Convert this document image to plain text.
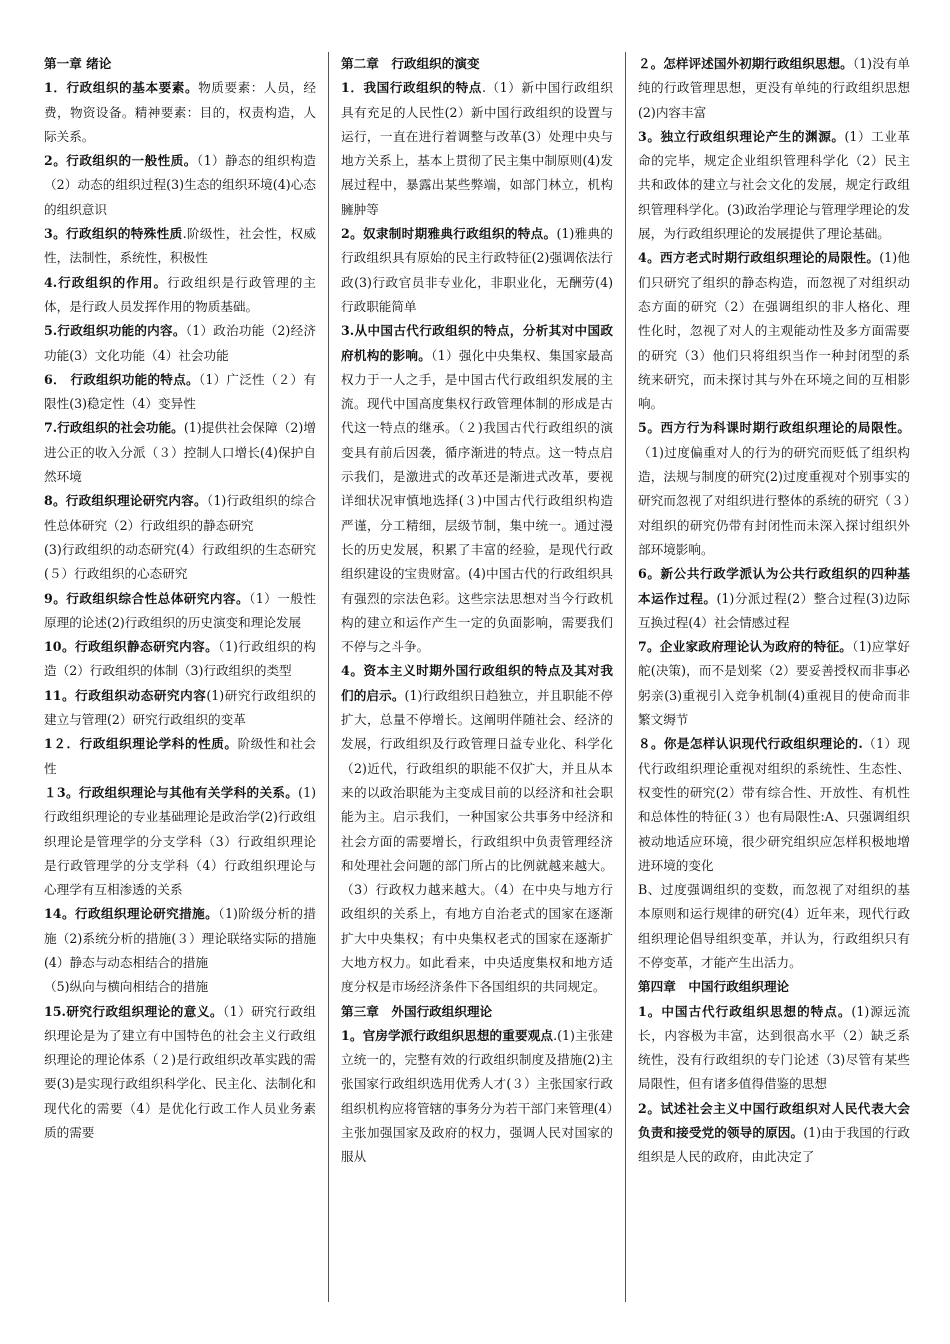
第一章 绪论
1．行政组织的基本要素。物质要素：人员，经费，物资设备。精神要素：目的，权责构造，人际关系。
2。行政组织的一般性质。（1）静态的组织构造（2）动态的组织过程(3)生态的组织环境(4)心态的组织意识
3。行政组织的特殊性质.阶级性，社会性，权威性，法制性，系统性，积极性
4.行政组织的作用。行政组织是行政管理的主体，是行政人员发挥作用的物质基础。
5.行政组织功能的内容。（1）政治功能（2)经济功能(3）文化功能（4）社会功能
6． 行政组织功能的特点。（1）广泛性（２）有限性(3)稳定性（4）变异性
7.行政组织的社会功能。(1)提供社会保障（2)增进公正的收入分派（３）控制人口增长(4)保护自然环境
8。行政组织理论研究内容。（1)行政组织的综合性总体研究（2）行政组织的静态研究
(3)行政组织的动态研究(4）行政组织的生态研究(５）行政组织的心态研究
9。行政组织综合性总体研究内容。（1）一般性原理的论述(2)行政组织的历史演变和理论发展
10。行政组织静态研究内容。（1)行政组织的构造（2）行政组织的体制（3)行政组织的类型
11。行政组织动态研究内容(1)研究行政组织的建立与管理(2）研究行政组织的变革
1２．行政组织理论学科的性质。阶级性和社会性
１3。行政组织理论与其他有关学科的关系。(1)行政组织理论的专业基础理论是政治学(2)行政组织理论是管理学的分支学科（3）行政组织理论是行政管理学的分支学科（4）行政组织理论与心理学有互相渗透的关系
14。行政组织理论研究措施。（1)阶级分析的措施（2)系统分析的措施(３）理论联络实际的措施(4）静态与动态相结合的措施
（5)纵向与横向相结合的措施
15.研究行政组织理论的意义。（1）研究行政组织理论是为了建立有中国特色的社会主义行政组织理论的理论体系（２)是行政组织改革实践的需要(3)是实现行政组织科学化、民主化、法制化和现代化的需要（4）是优化行政工作人员业务素质的需要
第二章　行政组织的演变
1．我国行政组织的特点.（1）新中国行政组织具有充足的人民性(2）新中国行政组织的设置与运行，一直在进行着调整与改革(3）处理中央与地方关系上，基本上贯彻了民主集中制原则(4)发展过程中，暴露出某些弊端，如部门林立，机构臃肿等
2。奴隶制时期雅典行政组织的特点。(1)雅典的行政组织具有原始的民主行政特征(2)强调依法行政(3)行政官员非专业化，非职业化，无酬劳(4)行政职能简单
3.从中国古代行政组织的特点，分析其对中国政府机构的影响。（1）强化中央集权、集国家最高权力于一人之手，是中国古代行政组织发展的主流。现代中国高度集权行政管理体制的形成是古代这一特点的继承。（２)我国古代行政组织的演变具有前后因袭，循序渐进的特点。这一特点启示我们，是激进式的改革还是渐进式改革，要视详细状况审慎地选择(３)中国古代行政组织构造严谨，分工精细，层级节制，集中统一。通过漫长的历史发展，积累了丰富的经验，是现代行政组织建设的宝贵财富。(4)中国古代的行政组织具有强烈的宗法色彩。这些宗法思想对当今行政机构的建立和运作产生一定的负面影响，需要我们不停与之斗争。
4。资本主义时期外国行政组织的特点及其对我们的启示。(1)行政组织日趋独立，并且职能不停扩大，总量不停增长。这阐明伴随社会、经济的发展，行政组织及行政管理日益专业化、科学化（2)近代，行政组织的职能不仅扩大，并且从本来的以政治职能为主变成目前的以经济和社会职能为主。启示我们，一种国家公共事务中经济和社会方面的需要增长，行政组织中负责管理经济和处理社会问题的部门所占的比例就越来越大。（3）行政权力越来越大。（4）在中央与地方行政组织的关系上，有地方自治老式的国家在逐渐扩大中央集权；有中央集权老式的国家在逐渐扩大地方权力。如此看来，中央适度集权和地方适度分权是市场经济条件下各国组织的共同规定。
第三章　外国行政组织理论
1。官房学派行政组织思想的重要观点.(1)主张建立统一的，完整有效的行政组织制度及措施(2)主张国家行政组织选用优秀人才(３）主张国家行政组织机构应将管辖的事务分为若干部门来管理(4）主张加强国家及政府的权力，强调人民对国家的服从
２。怎样评述国外初期行政组织思想。（1)没有单纯的行政管理思想，更没有单纯的行政组织思想(2)内容丰富
3。独立行政组织理论产生的渊源。(1）工业革命的完毕，规定企业组织管理科学化（2）民主共和政体的建立与社会文化的发展，规定行政组织管理科学化。(3)政治学理论与管理学理论的发展，为行政组织理论的发展提供了理论基础。
4。西方老式时期行政组织理论的局限性。(1)他们只研究了组织的静态构造，而忽视了对组织动态方面的研究（2）在强调组织的非人格化、理性化时，忽视了对人的主观能动性及多方面需要的研究（3）他们只将组织当作一种封闭型的系统来研究，而未探讨其与外在环境之间的互相影响。
5。西方行为科课时期行政组织理论的局限性。（1)过度偏重对人的行为的研究而贬低了组织构造，法规与制度的研究(2)过度重视对个别事实的研究而忽视了对组织进行整体的系统的研究（３）对组织的研究仍带有封闭性而未深入探讨组织外部环境影响。
6。新公共行政学派认为公共行政组织的四种基本运作过程。(1)分派过程(2）整合过程(3)边际互换过程(4）社会情感过程
7。企业家政府理论认为政府的特征。（1)应掌好舵(决策)，而不是划桨（2）要妥善授权而非事必躬亲(3)重视引入竞争机制(4)重视目的使命而非繁文缛节
８。你是怎样认识现代行政组织理论的.（1）现代行政组织理论重视对组织的系统性、生态性、权变性的研究(2）带有综合性、开放性、有机性和总体性的特征(３）也有局限性:A、只强调组织被动地适应环境，很少研究组织应怎样积极地增进环境的变化
B、过度强调组织的变数，而忽视了对组织的基本原则和运行规律的研究(4）近年来，现代行政组织理论倡导组织变革，并认为，行政组织只有不停变革，才能产生出活力。
第四章　中国行政组织理论
1。中国古代行政组织思想的特点。(1)源远流长，内容极为丰富，达到很高水平（2）缺乏系统性，没有行政组织的专门论述（3)尽管有某些局限性，但有诸多值得借鉴的思想
2。试述社会主义中国行政组织对人民代表大会负责和接受党的领导的原因。(1)由于我国的行政组织是人民的政府，由此决定了
